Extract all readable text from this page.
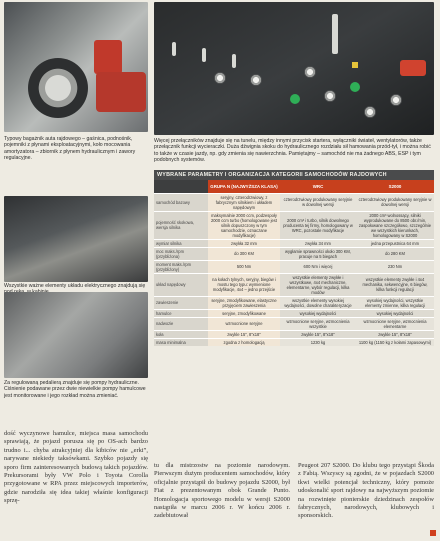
Typowy bagażnik auta rajdowego – gaśnica, podnośnik, pojemniki z płynami eksploatacyjnymi, koło mocowania amortyzatora – zbiornik z płynem hydraulicznym i zawory regulacyjne.
Wszystkie ważne elementy układu elektrycznego znajdują się
Za regulowaną pedalierą znajduje się pompy hydrauliczne. Ciśnienie podawane przez dwie niewielkie pompy hamulcowe jest monitorowane i jego rozkład można zmieniać.
Więcej przełączników znajduje się na tunelu, między innymi przycisk startera, wyłączniki świateł, wentylatorów, także przełącznik funkcji wycieraczki. Duża dźwignia skoku do hydraulicznego rozdziału sił hamowania przód-tył, i można robić to także w czasie jazdy, np. gdy zmienia się nawierzchnia. Pamiętajmy – samochód nie ma żadnego ABS, ESP i tym podobnych systemów.
WYBRANE PARAMETRY I ORGANIZACJA KATEGORII SAMOCHODÓW RAJDOWYCH
	GRUPA N (NAJWYŻSZA KLASA)	WRC	S2000
samochód bazowy	seryjny, czterodrzwiowy, z fabrycznym silnikiem i układem napędowym	czterodrzwiowy produkowany seryjnie w dowolnej wersji	czterodrzwiowy produkowany seryjnie w dowolnej wersji
pojemność skokowa, wersja silnika	maksymalnie 2000 ccm, podzespoły 2000 ccm turbo (homologowane jest silnik dopuszczony w tym samochodzie, oznaczane modyfikacje)	2000 cm³ i turbo, silnik dowolnego producenta tej firmy, homologowany w WRC, pozostale modyfikacje	2000 cm³ wolnossący, silniki wyprodukowane do 8500 obr./min, zaspołowane szczegółowo, szczególnie we wszystkich kierunkach, homologowany w S2000
wymiar silnika	zwykła 32 mm	zwykła 34 mm	jedna przepustnica 64 mm
moc maks./rpm (przybliżona)	do 300 KM	wygłamie sprawności około 300 KM, pracuje na 5 biegach	do 280 KM
moment maks./rpm (przybliżony)	500 Nm	600 Nm i więcej	230 Nm
układ napędowy	na kołach tylnych, seryjny, biegów i mostu tego typu: wymienione modyfikacje, 4x4 – jedno przejście	wszystkie elementy zwykłe i wszystkowe, 4x4 mechaniczne, elementarne, wybór regulacji, kilka modów	wszystkie elementy zwykłe i 4x4 mechanika, sekwencyjne, 6 biegów, kilka funkcji regulacji
zawieszenie	seryjne, zmodyfikowane, elastyczne przyjęciem zawieszenia	wszystkie elementy wysokiej wydajności, dowolne charakteryzacje	wysokiej wydajności, wszystkie elementy zmienne, kilka regulacji
hamulce	seryjne, zmodyfikowane	wysokiej wydajności	wysokiej wydajności
nadwozie	wzmocnione seryjne	wzmocnione seryjne, wzmocnienia wszystkie	wzmocnione seryjne, wzmocnienia elementarne
koła	zwykle 15", 8"x18"	zwykle 15", 8"x18"	zwykle 15", 8"x18"
masa minimalna	zgodna z homologacją	1230 kg	1100 kg (1150 kg z kołami zapasowymi)
dość wyczynowe hamulce, miejsca masa samochodu sprawiają, że pojazd porusza się po OS-ach bardzo trudno i... chyba atrakcyjniej dla kibiców nie „erki”, narywane niekiedy taksówkami. Szybko pojazdy się sporo firm zainteresowanych budową takich pojazdów. Prekursorami były VW Polo i Toyota Corolla przygotowane w RPA przez miejscowych importerów, gdzie narodziła się idea takiej właśnie konfiguracji sprzę-
tu dla mistrzostw na poziomie narodowym. Pierwszym dużym producentem samochodów, który oficjalnie przystąpił do budowy pojazdu S2000, był Fiat z prezentowanym obok Grande Punto. Homologacja sportowego modelu w wersji S2000 nastąpiła w marcu 2006 r. W końcu 2006 r. zadebiutował
Peugeot 207 S2000. Do klubu tego przystąpi Škoda z Fabią. Wszyscy są zgodni, że w pojazdach S2000 tkwi wielki potencjał techniczny, który pomoże udoskonalić sport rajdowy na najwyższym poziomie na rozwinięte pionierskie dziedzinach zespołów fabrycznych, narodowych, klubowych i sponsorskich.
